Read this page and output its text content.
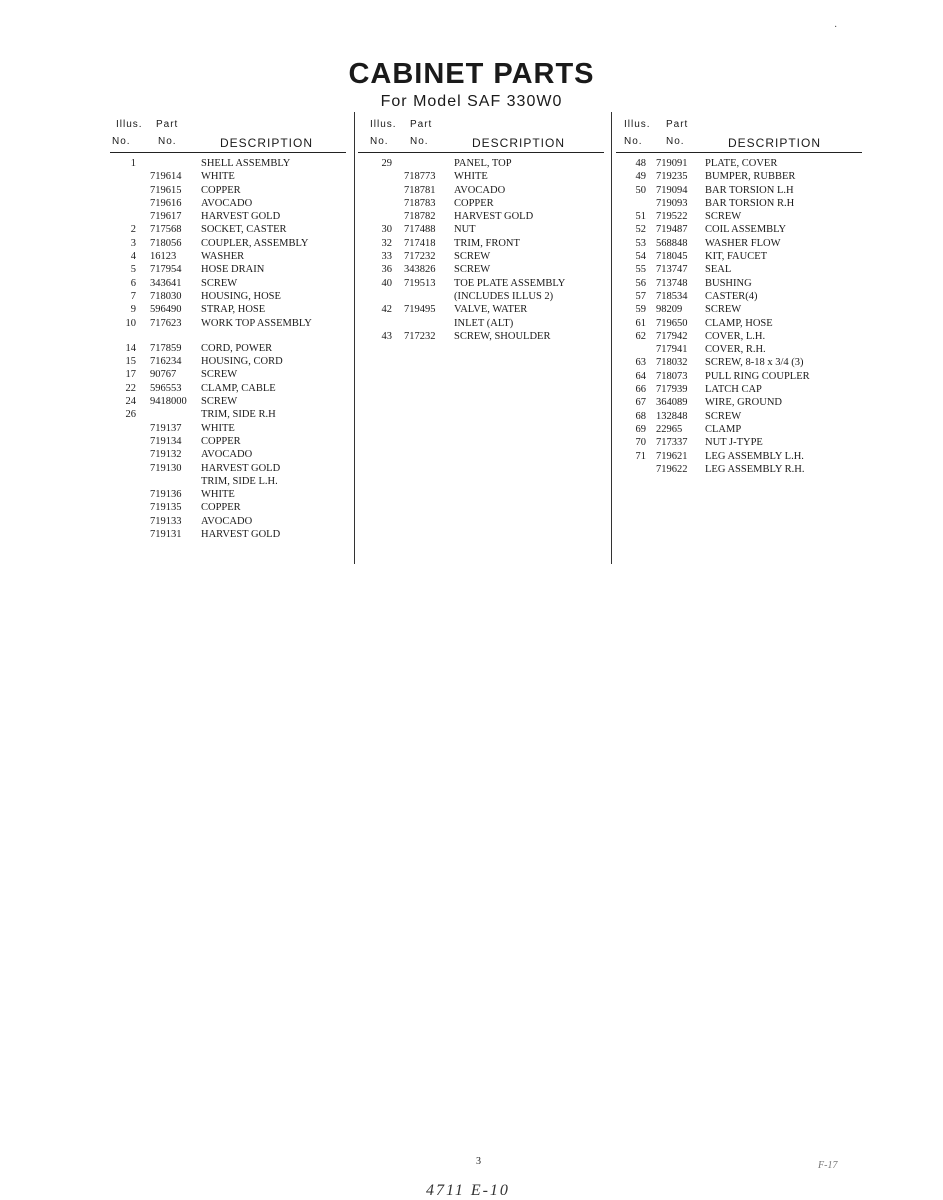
CABINET PARTS
For Model SAF 330W0
·
Illus. Part
No.	No.	DESCRIPTION
1	SHELL ASSEMBLY
719614 WHITE
719615 COPPER
719616 AVOCADO
719617 HARVEST GOLD
2 717568 SOCKET, CASTER
3 718056 COUPLER, ASSEMBLY
4 16123 WASHER
5 717954 HOSE DRAIN
6 343641 SCREW
7 718030 HOUSING, HOSE
9 596490 STRAP, HOSE
10 717623 WORK TOP ASSEMBLY
14 717859 CORD, POWER
15 716234 HOUSING, CORD
17 90767 SCREW
22 596553 CLAMP, CABLE
24 9418000 SCREW
26	TRIM, SIDE R.H
719137 WHITE
719134 COPPER
719132 AVOCADO
719130 HARVEST GOLD
TRIM, SIDE L.H.
719136 WHITE
719135 COPPER
719133 AVOCADO
719131 HARVEST GOLD
Illus. Part
No. No.	DESCRIPTION
29	PANEL, TOP
718773 WHITE
718781 AVOCADO
718783 COPPER
718782 HARVEST GOLD
30 717488 NUT
32 717418 TRIM, FRONT
33 717232 SCREW
36 343826 SCREW
40 719513 TOE PLATE ASSEMBLY
(INCLUDES ILLUS 2)
42 719495 VALVE, WATER
INLET (ALT)
43 717232 SCREW, SHOULDER
Illus. Part
No. No.	DESCRIPTION
48 719091 PLATE, COVER
49 719235 BUMPER, RUBBER
50 719094 BAR TORSION L.H
719093 BAR TORSION R.H
51 719522 SCREW
52 719487 COIL ASSEMBLY
53 568848 WASHER FLOW
54 718045 KIT, FAUCET
55 713747 SEAL
56 713748 BUSHING
57 718534 CASTER(4)
59 98209 SCREW
61 719650 CLAMP, HOSE
62 717942 COVER, L.H.
717941 COVER, R.H.
63 718032 SCREW, 8-18 x 3/4 (3)
64 718073 PULL RING COUPLER
66 717939 LATCH CAP
67 364089 WIRE, GROUND
68 132848 SCREW
69 22965 CLAMP
70 717337 NUT J-TYPE
71 719621 LEG ASSEMBLY L.H.
719622 LEG ASSEMBLY R.H.
3	F-17
4711 E-10
